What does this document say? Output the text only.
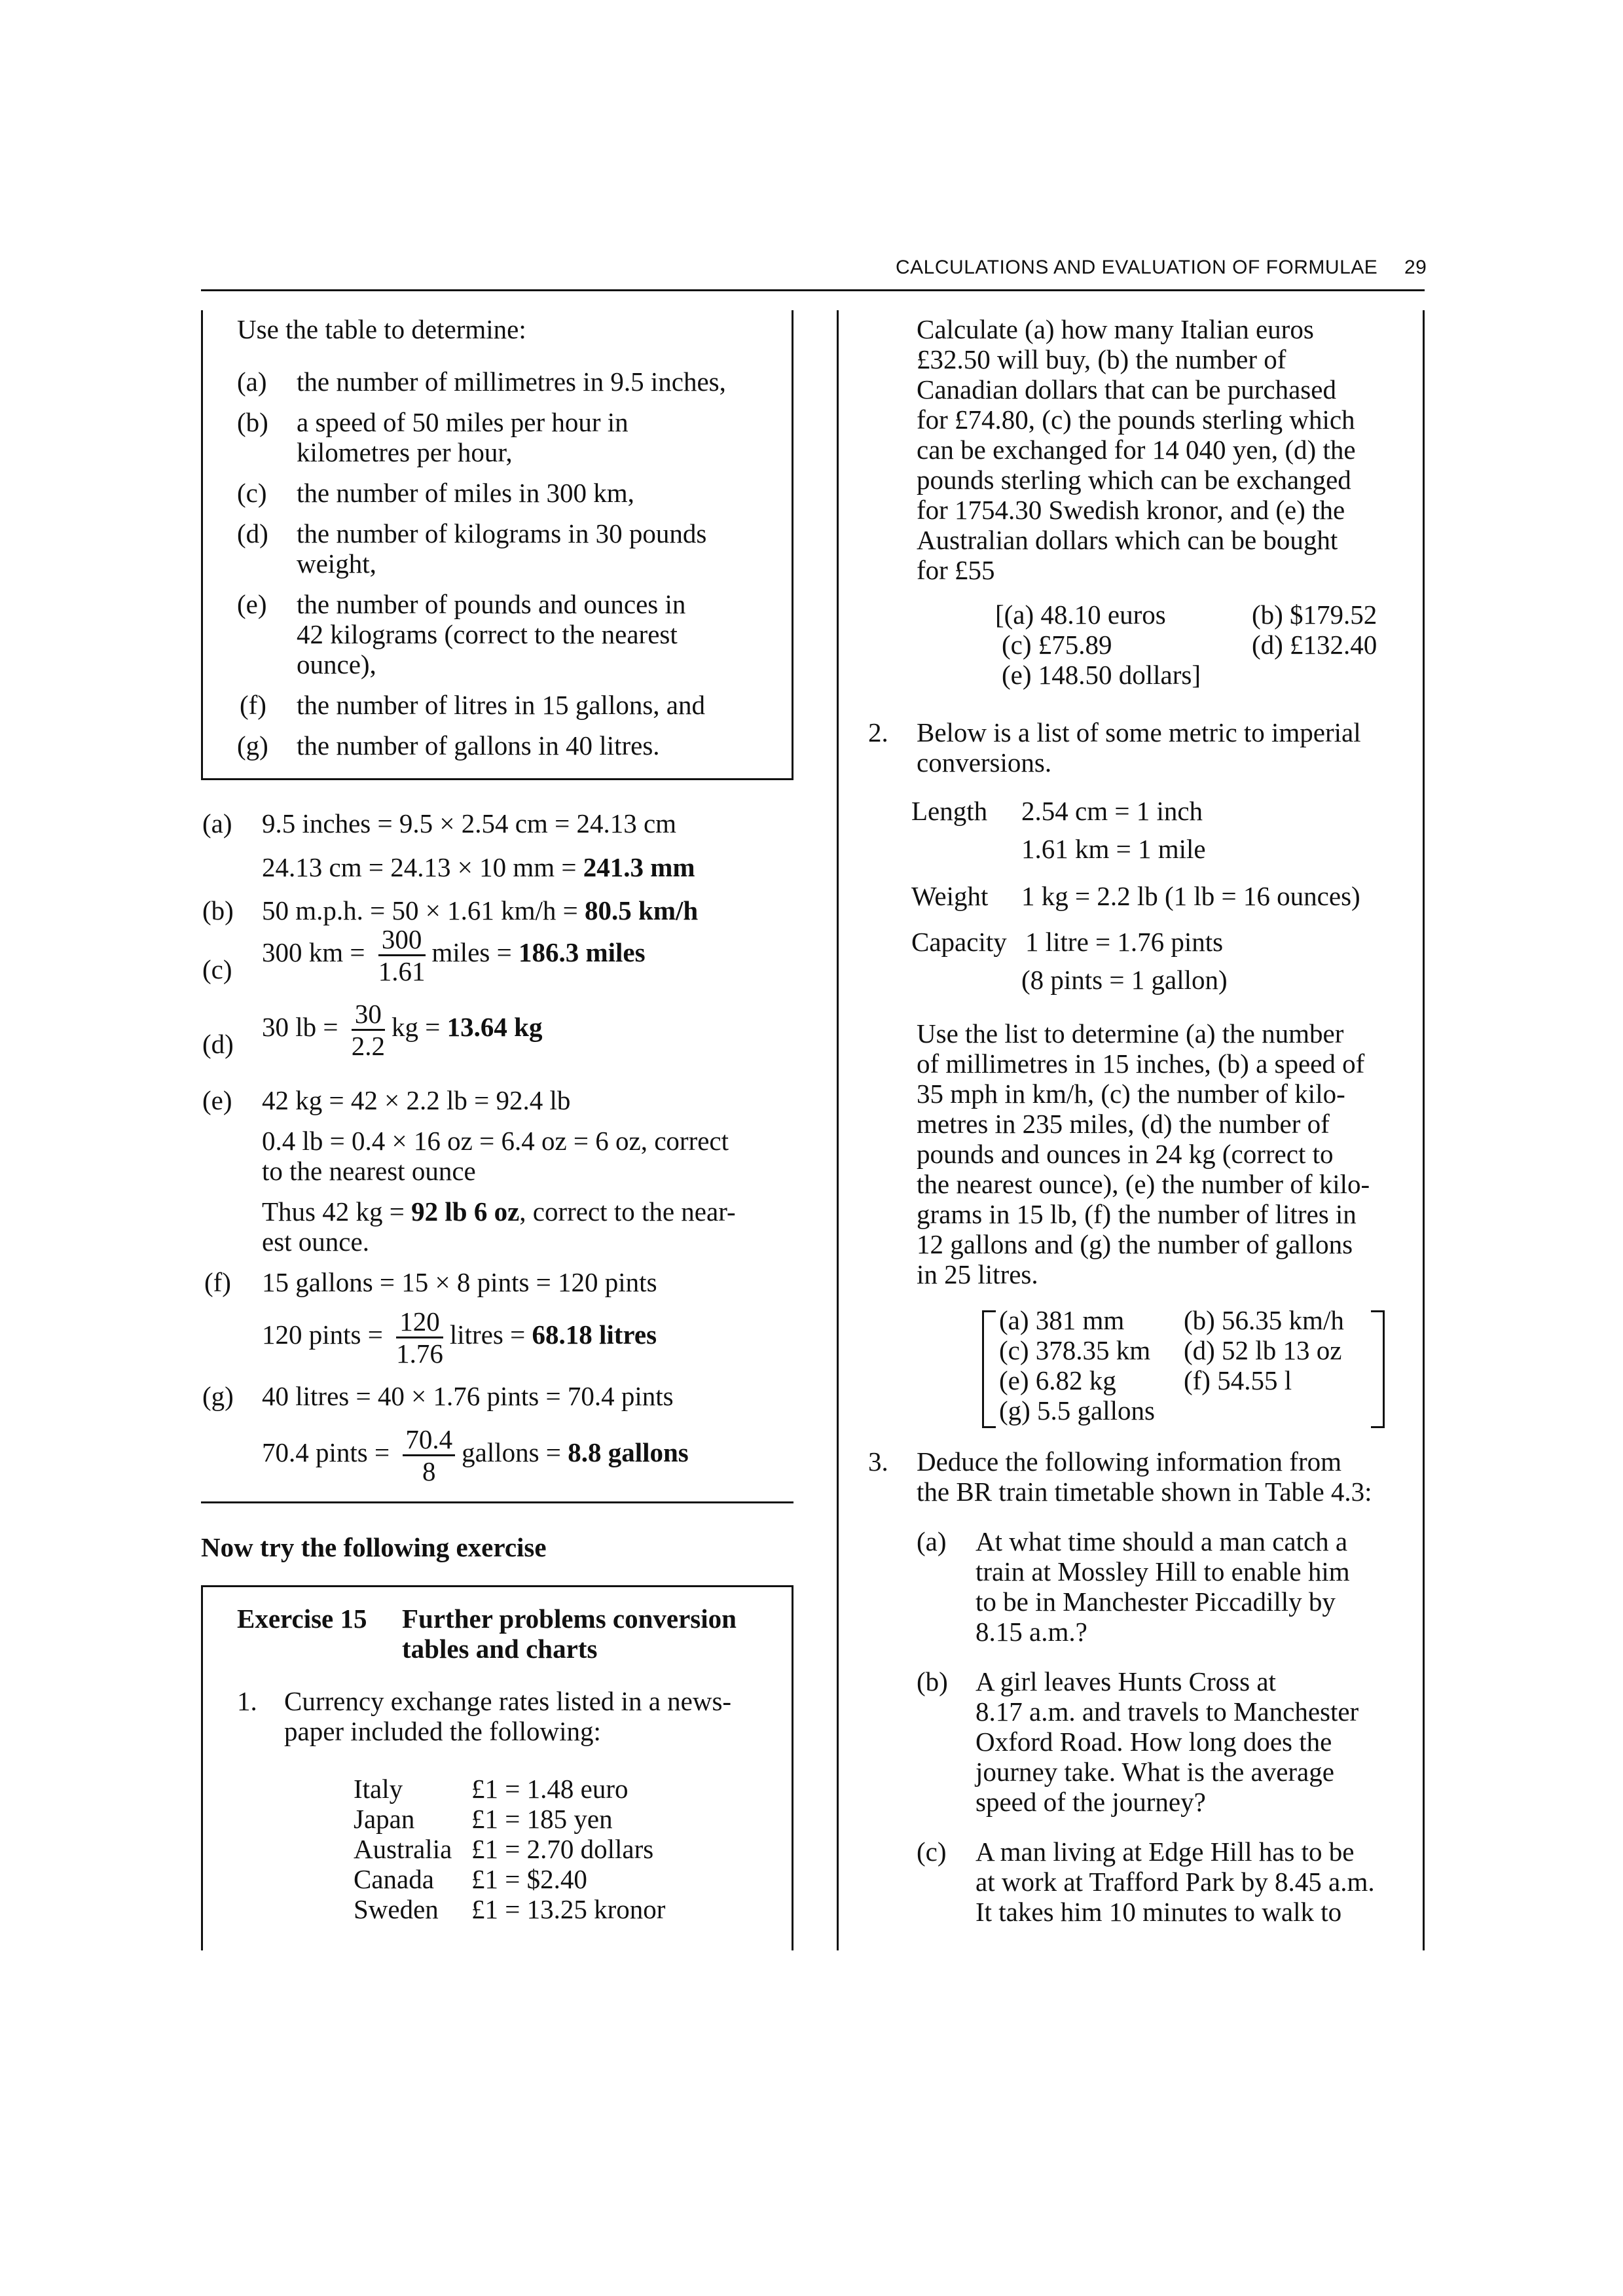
CALCULATIONS AND EVALUATION OF FORMULAE 29
Use the table to determine:
(a) the number of millimetres in 9.5 inches,
(b) a speed of 50 miles per hour in
kilometres per hour,
(c) the number of miles in 300 km,
(d) the number of kilograms in 30 pounds
weight,
(e) the number of pounds and ounces in
42 kilograms (correct to the nearest
ounce),
(f) the number of litres in 15 gallons, and
(g) the number of gallons in 40 litres.
(a) 9.5 inches = 9.5 × 2.54 cm = 24.13 cm
24.13 cm = 24.13 × 10 mm = 241.3 mm
(b) 50 m.p.h. = 50 × 1.61 km/h = 80.5 km/h
(c)
300 km = $\frac{300}{1.61}$ miles = 186.3 miles
(d)
30 lb = $\frac{30}{2.2}$ kg = 13.64 kg
(e) 42 kg = 42 × 2.2 lb = 92.4 lb
0.4 lb = 0.4 × 16 oz = 6.4 oz = 6 oz, correct
to the nearest ounce
Thus 42 kg = 92 lb 6 oz, correct to the near-
est ounce.
(f) 15 gallons = 15 × 8 pints = 120 pints
120 pints = $\frac{120}{1.76}$ litres = 68.18 litres
(g) 40 litres = 40 × 1.76 pints = 70.4 pints
70.4 pints = $\frac{70.4}{8}$ gallons = 8.8 gallons
Now try the following exercise
Exercise 15 Further problems conversion
tables and charts
1. Currency exchange rates listed in a news-
paper included the following:
Italy	£1 = 1.48 euro
Japan £1 = 185 yen
Australia £1 = 2.70 dollars
Canada £1 = $2.40
Sweden £1 = 13.25 kronor
Calculate (a) how many Italian euros
£32.50 will buy, (b) the number of
Canadian dollars that can be purchased
for £74.80, (c) the pounds sterling which
can be exchanged for 14 040 yen, (d) the
pounds sterling which can be exchanged
for 1754.30 Swedish kronor, and (e) the
Australian dollars which can be bought
for £55
[(a) 48.10 euros	(b) $179.52
(c) £75.89	(d) £132.40
(e) 148.50 dollars]
2. Below is a list of some metric to imperial
conversions.
Length 2.54 cm = 1 inch
1.61 km = 1 mile
Weight 1 kg = 2.2 lb (1 lb = 16 ounces)
Capacity 1 litre = 1.76 pints
(8 pints = 1 gallon)
Use the list to determine (a) the number
of millimetres in 15 inches, (b) a speed of
35 mph in km/h, (c) the number of kilo-
metres in 235 miles, (d) the number of
pounds and ounces in 24 kg (correct to
the nearest ounce), (e) the number of kilo-
grams in 15 lb, (f) the number of litres in
12 gallons and (g) the number of gallons
in 25 litres.
(a) 381 mm (b) 56.35 km/h
(c) 378.35 km (d) 52 lb 13 oz
(e) 6.82 kg	(f) 54.55 l
(g) 5.5 gallons
3. Deduce the following information from
the BR train timetable shown in Table 4.3:
(a) At what time should a man catch a
train at Mossley Hill to enable him
to be in Manchester Piccadilly by
8.15 a.m.?
(b) A girl leaves Hunts Cross at
8.17 a.m. and travels to Manchester
Oxford Road. How long does the
journey take. What is the average
speed of the journey?
(c) A man living at Edge Hill has to be
at work at Trafford Park by 8.45 a.m.
It takes him 10 minutes to walk to
